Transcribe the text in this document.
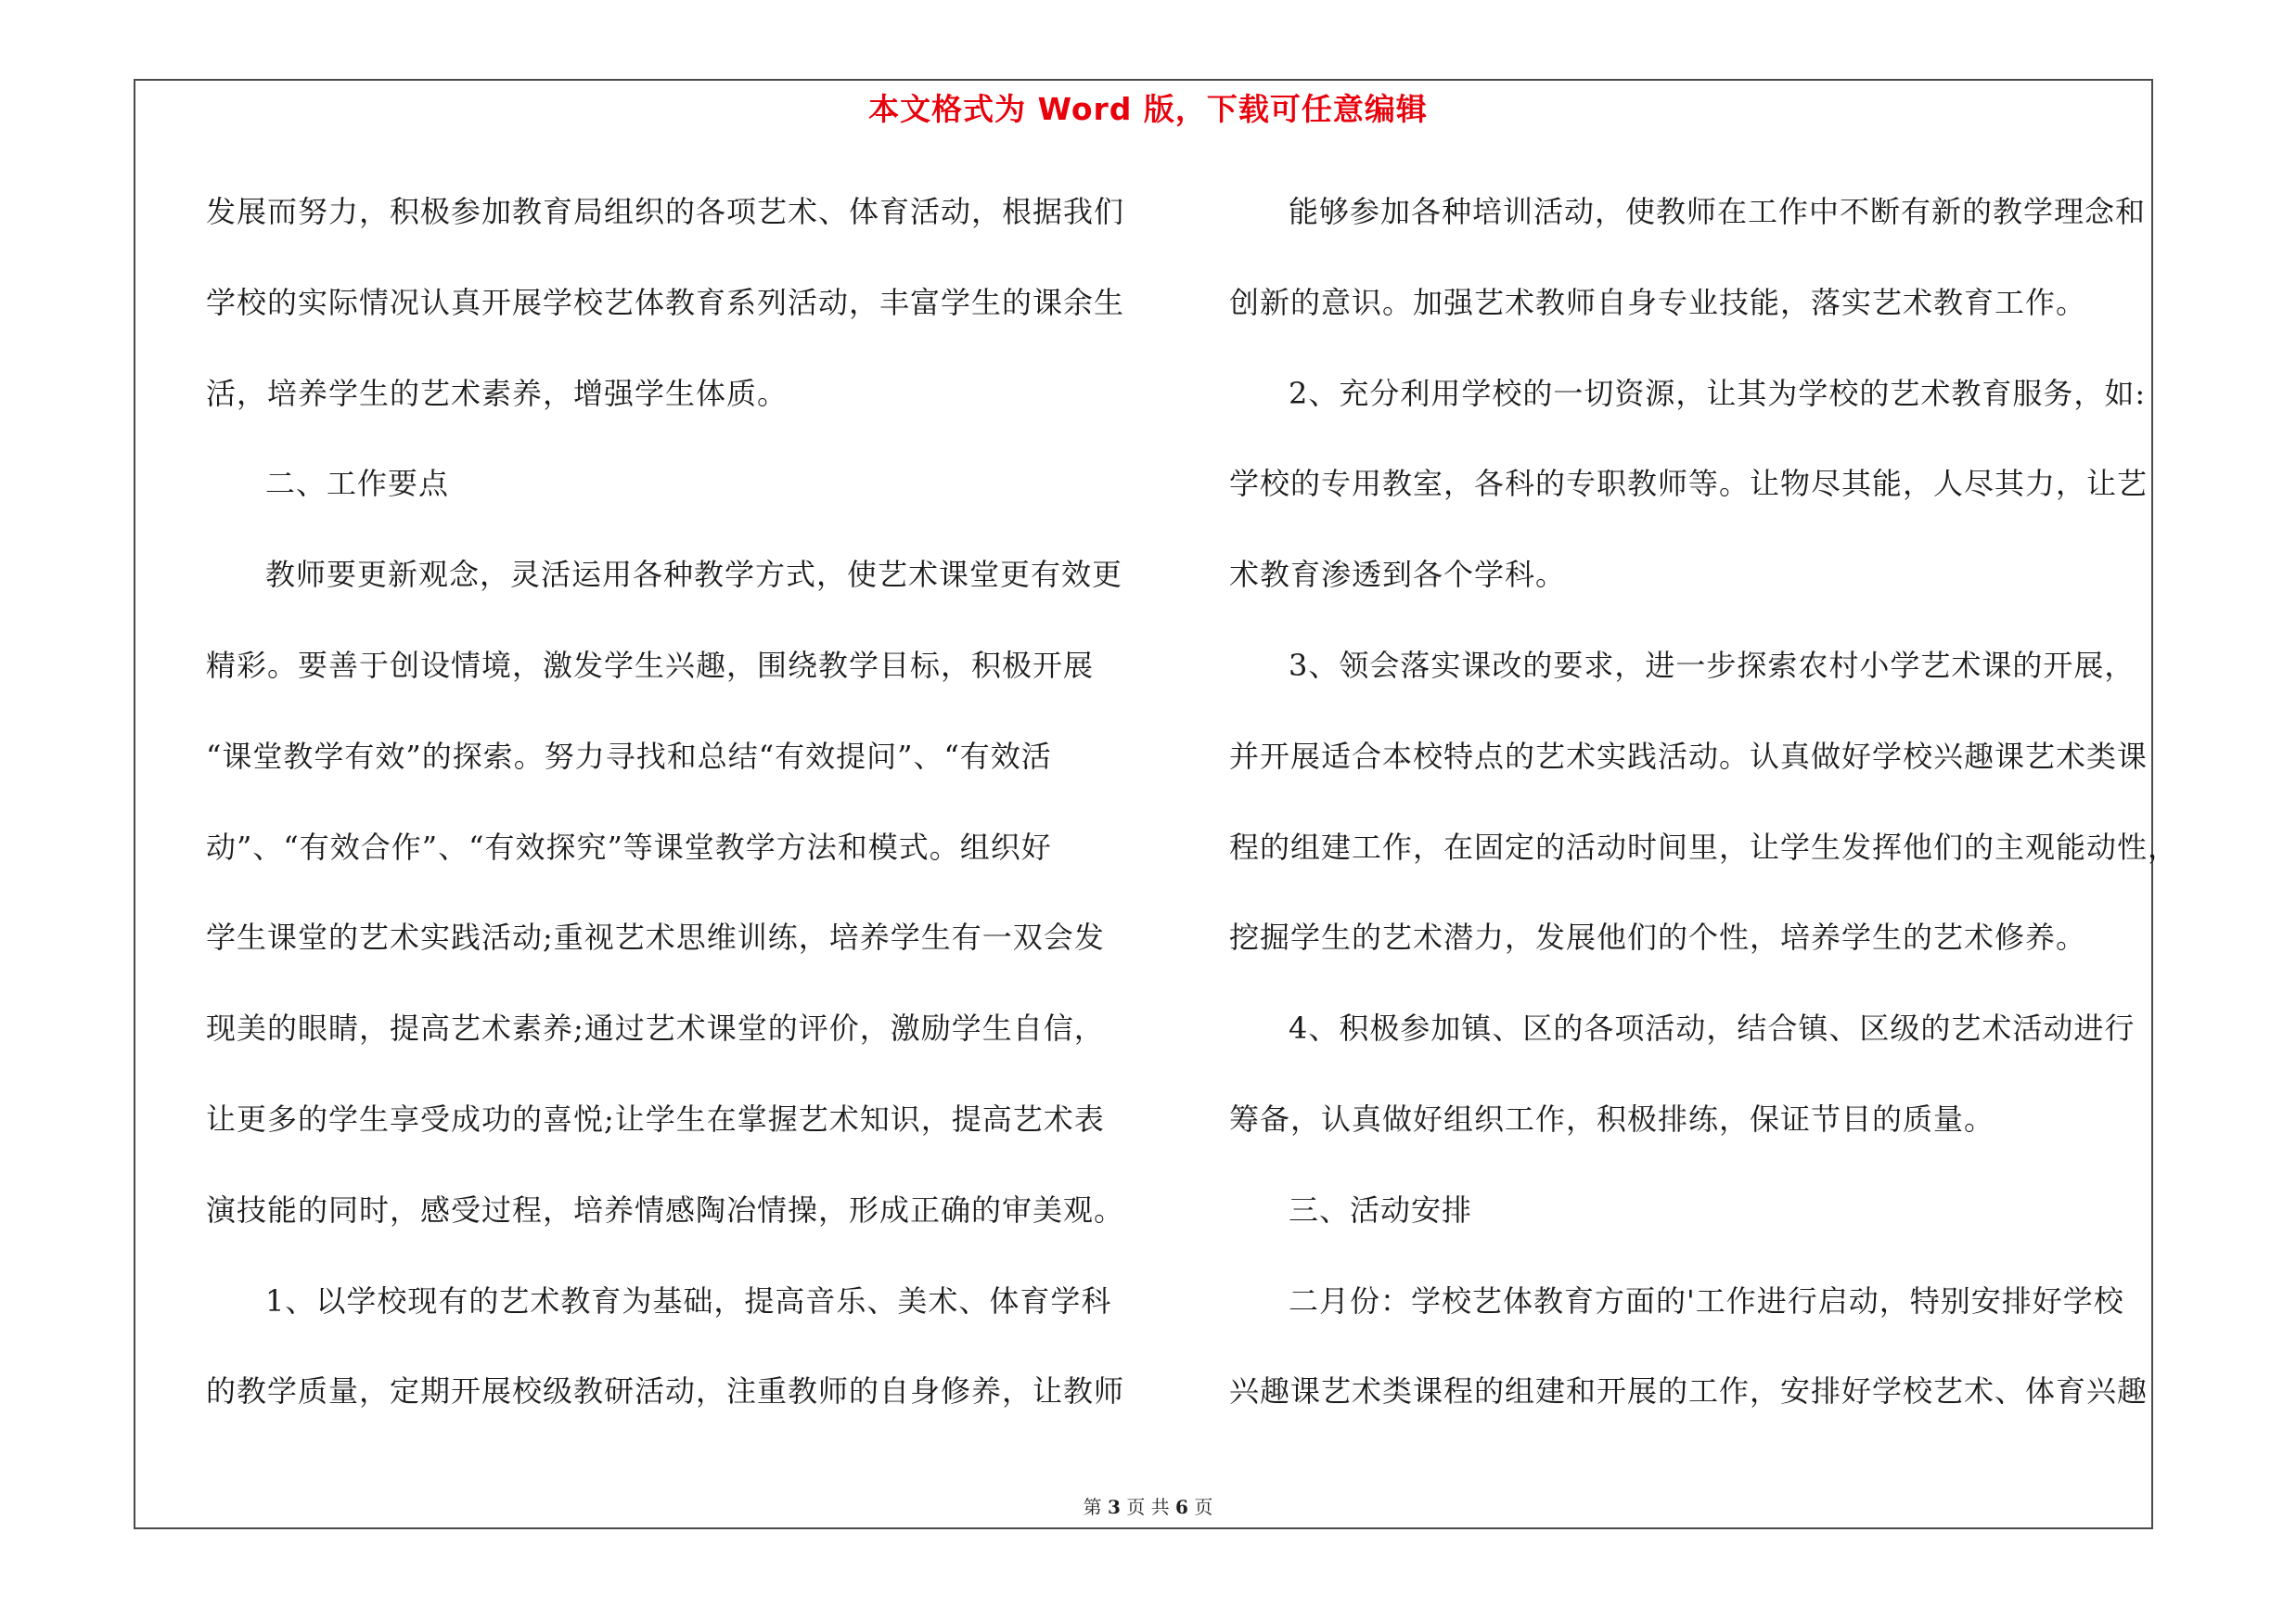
本文格式为 Word 版，下载可任意编辑
发展而努力，积极参加教育局组织的各项艺术、体育活动，根据我们
学校的实际情况认真开展学校艺体教育系列活动，丰富学生的课余生
活，培养学生的艺术素养，增强学生体质。
二、工作要点
教师要更新观念，灵活运用各种教学方式，使艺术课堂更有效更
精彩。要善于创设情境，激发学生兴趣，围绕教学目标，积极开展
“课堂教学有效”的探索。努力寻找和总结“有效提问”、“有效活
动”、“有效合作”、“有效探究”等课堂教学方法和模式。组织好
学生课堂的艺术实践活动;重视艺术思维训练，培养学生有一双会发
现美的眼睛，提高艺术素养;通过艺术课堂的评价，激励学生自信，
让更多的学生享受成功的喜悦;让学生在掌握艺术知识，提高艺术表
演技能的同时，感受过程，培养情感陶冶情操，形成正确的审美观。
1、以学校现有的艺术教育为基础，提高音乐、美术、体育学科
的教学质量，定期开展校级教研活动，注重教师的自身修养，让教师
能够参加各种培训活动，使教师在工作中不断有新的教学理念和
创新的意识。加强艺术教师自身专业技能，落实艺术教育工作。
2、充分利用学校的一切资源，让其为学校的艺术教育服务，如:
学校的专用教室，各科的专职教师等。让物尽其能，人尽其力，让艺
术教育渗透到各个学科。
3、领会落实课改的要求，进一步探索农村小学艺术课的开展，
并开展适合本校特点的艺术实践活动。认真做好学校兴趣课艺术类课
程的组建工作，在固定的活动时间里，让学生发挥他们的主观能动性，
挖掘学生的艺术潜力，发展他们的个性，培养学生的艺术修养。
4、积极参加镇、区的各项活动，结合镇、区级的艺术活动进行
筹备，认真做好组织工作，积极排练，保证节目的质量。
三、活动安排
二月份：学校艺体教育方面的'工作进行启动，特别安排好学校
兴趣课艺术类课程的组建和开展的工作，安排好学校艺术、体育兴趣
第 3 页 共 6 页
